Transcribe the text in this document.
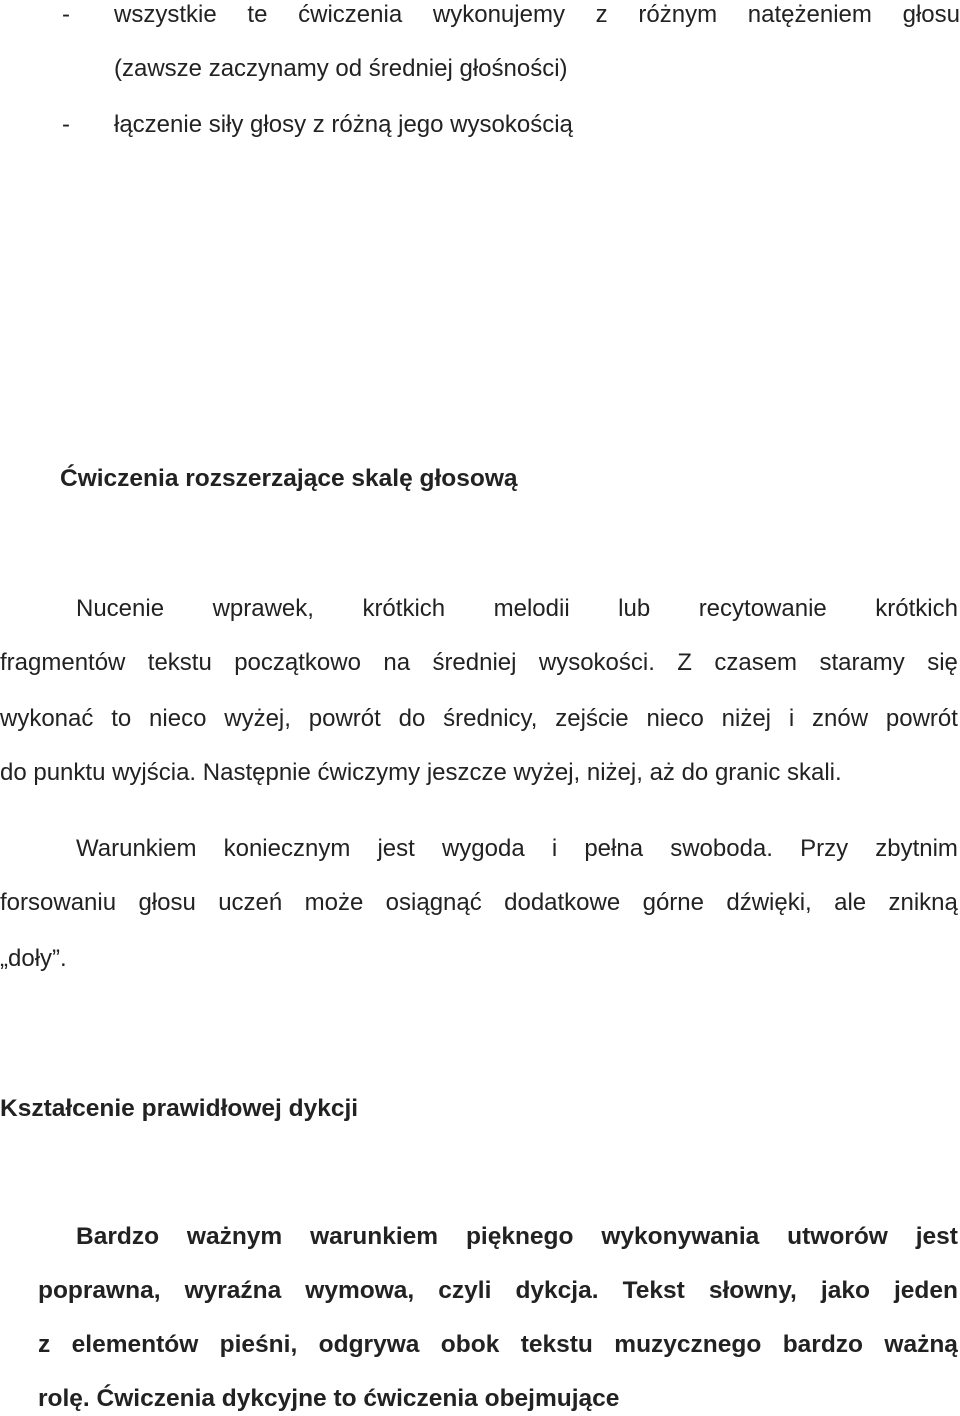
- wszystkie te ćwiczenia wykonujemy z różnym natężeniem głosu
(zawsze zaczynamy od średniej głośności)
- łączenie siły głosy z różną jego wysokością
Ćwiczenia rozszerzające skalę głosową
Nucenie wprawek, krótkich melodii lub recytowanie krótkich
fragmentów tekstu początkowo na średniej wysokości. Z czasem staramy się
wykonać to nieco wyżej, powrót do średnicy, zejście nieco niżej i znów powrót
do punktu wyjścia. Następnie ćwiczymy jeszcze wyżej, niżej, aż do granic skali.
Warunkiem koniecznym jest wygoda i pełna swoboda. Przy zbytnim
forsowaniu głosu uczeń może osiągnąć dodatkowe górne dźwięki, ale znikną
„doły”.
Kształcenie prawidłowej dykcji
Bardzo ważnym warunkiem pięknego wykonywania utworów jest
poprawna, wyraźna wymowa, czyli dykcja. Tekst słowny, jako jeden
z elementów pieśni, odgrywa obok tekstu muzycznego bardzo ważną
rolę. Ćwiczenia dykcyjne to ćwiczenia obejmujące
